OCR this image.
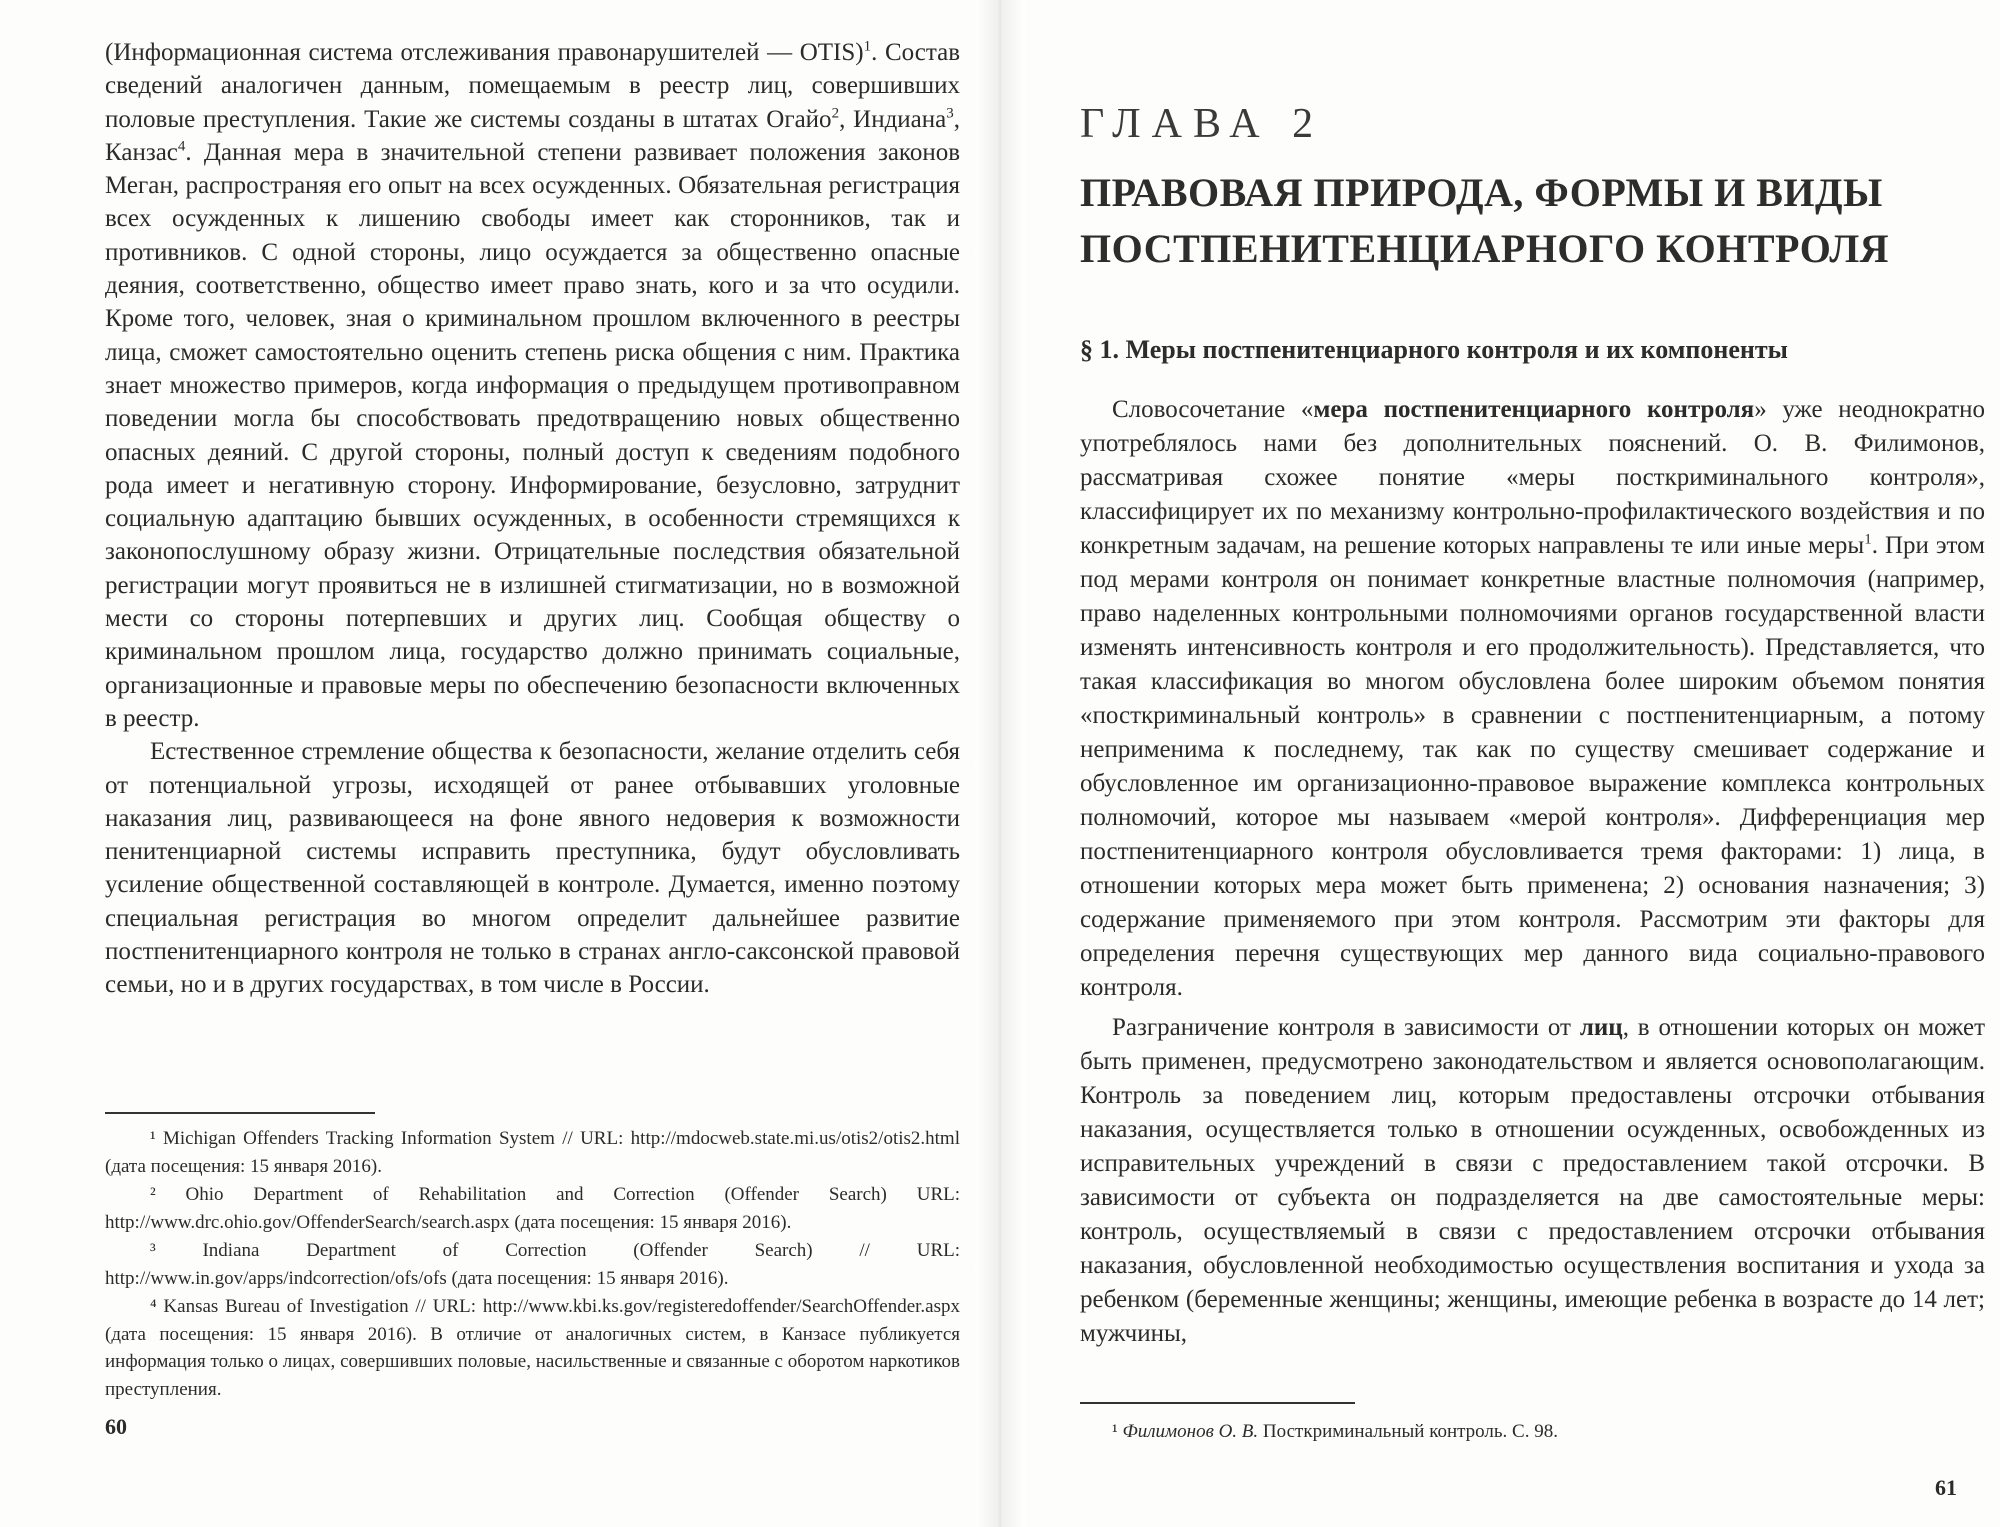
(Информационная система отслеживания правонарушителей — OTIS)$^1$. Состав сведений аналогичен данным, помещаемым в реестр лиц, совершивших половые преступления. Такие же системы созданы в штатах Огайо$^2$, Индиана$^3$, Канзас$^4$. Данная мера в значительной степени развивает положения законов Меган, распространяя его опыт на всех осужденных. Обязательная регистрация всех осужденных к лишению свободы имеет как сторонников, так и противников. С одной стороны, лицо осуждается за общественно опасные деяния, соответственно, общество имеет право знать, кого и за что осудили. Кроме того, человек, зная о криминальном прошлом включенного в реестры лица, сможет самостоятельно оценить степень риска общения с ним. Практика знает множество примеров, когда информация о предыдущем противоправном поведении могла бы способствовать предотвращению новых общественно опасных деяний. С другой стороны, полный доступ к сведениям подобного рода имеет и негативную сторону. Информирование, безусловно, затруднит социальную адаптацию бывших осужденных, в особенности стремящихся к законопослушному образу жизни. Отрицательные последствия обязательной регистрации могут проявиться не в излишней стигматизации, но в возможной мести со стороны потерпевших и других лиц. Сообщая обществу о криминальном прошлом лица, государство должно принимать социальные, организационные и правовые меры по обеспечению безопасности включенных в реестр.

Естественное стремление общества к безопасности, желание отделить себя от потенциальной угрозы, исходящей от ранее отбывавших уголовные наказания лиц, развивающееся на фоне явного недоверия к возможности пенитенциарной системы исправить преступника, будут обусловливать усиление общественной составляющей в контроле. Думается, именно поэтому специальная регистрация во многом определит дальнейшее развитие постпенитенциарного контроля не только в странах англо-саксонской правовой семьи, но и в других государствах, в том числе в России.

¹ Michigan Offenders Tracking Information System // URL: http://mdocweb.state.mi.us/otis2/otis2.html (дата посещения: 15 января 2016).

² Ohio Department of Rehabilitation and Correction (Offender Search) URL: http://www.drc.ohio.gov/OffenderSearch/search.aspx (дата посещения: 15 января 2016).

³ Indiana Department of Correction (Offender Search) // URL: http://www.in.gov/apps/indcorrection/ofs/ofs (дата посещения: 15 января 2016).

⁴ Kansas Bureau of Investigation // URL: http://www.kbi.ks.gov/registeredoffender/SearchOffender.aspx (дата посещения: 15 января 2016). В отличие от аналогичных систем, в Канзасе публикуется информация только о лицах, совершивших половые, насильственные и связанные с оборотом наркотиков преступления.

60
ГЛАВА 2
ПРАВОВАЯ ПРИРОДА, ФОРМЫ И ВИДЫ ПОСТПЕНИТЕНЦИАРНОГО КОНТРОЛЯ
§ 1. Меры постпенитенциарного контроля и их компоненты

Словосочетание «мера постпенитенциарного контроля» уже неоднократно употреблялось нами без дополнительных пояснений. О. В. Филимонов, рассматривая схожее понятие «меры посткриминального контроля», классифицирует их по механизму контрольно-профилактического воздействия и по конкретным задачам, на решение которых направлены те или иные меры$^1$. При этом под мерами контроля он понимает конкретные властные полномочия (например, право наделенных контрольными полномочиями органов государственной власти изменять интенсивность контроля и его продолжительность). Представляется, что такая классификация во многом обусловлена более широким объемом понятия «посткриминальный контроль» в сравнении с постпенитенциарным, а потому неприменима к последнему, так как по существу смешивает содержание и обусловленное им организационно-правовое выражение комплекса контрольных полномочий, которое мы называем «мерой контроля». Дифференциация мер постпенитенциарного контроля обусловливается тремя факторами: 1) лица, в отношении которых мера может быть применена; 2) основания назначения; 3) содержание применяемого при этом контроля. Рассмотрим эти факторы для определения перечня существующих мер данного вида социально-правового контроля.

Разграничение контроля в зависимости от лиц, в отношении которых он может быть применен, предусмотрено законодательством и является основополагающим. Контроль за поведением лиц, которым предоставлены отсрочки отбывания наказания, осуществляется только в отношении осужденных, освобожденных из исправительных учреждений в связи с предоставлением такой отсрочки. В зависимости от субъекта он подразделяется на две самостоятельные меры: контроль, осуществляемый в связи с предоставлением отсрочки отбывания наказания, обусловленной необходимостью осуществления воспитания и ухода за ребенком (беременные женщины; женщины, имеющие ребенка в возрасте до 14 лет; мужчины,

¹ Филимонов О. В. Посткриминальный контроль. С. 98.

61
